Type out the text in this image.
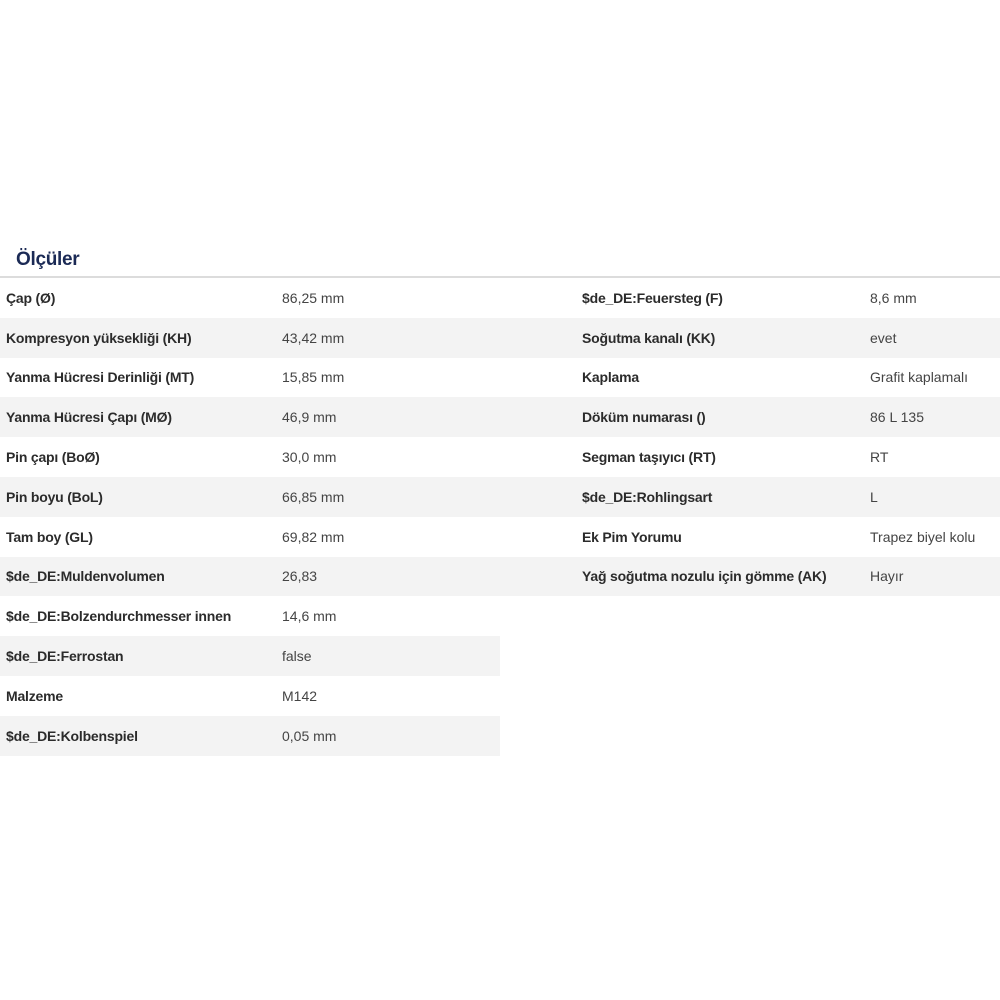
Ölçüler
Çap (Ø)	86,25 mm
Kompresyon yüksekliği (KH)	43,42 mm
Yanma Hücresi Derinliği (MT)	15,85 mm
Yanma Hücresi Çapı (MØ)	46,9 mm
Pin çapı (BoØ)	30,0 mm
Pin boyu (BoL)	66,85 mm
Tam boy (GL)	69,82 mm
$de_DE:Muldenvolumen	26,83
$de_DE:Bolzendurchmesser innen	14,6 mm
$de_DE:Ferrostan	false
Malzeme	M142
$de_DE:Kolbenspiel	0,05 mm
$de_DE:Feuersteg (F)	8,6 mm
Soğutma kanalı (KK)	evet
Kaplama	Grafit kaplamalı
Döküm numarası ()	86 L 135
Segman taşıyıcı (RT)	RT
$de_DE:Rohlingsart	L
Ek Pim Yorumu	Trapez biyel kolu
Yağ soğutma nozulu için gömme (AK)	Hayır
